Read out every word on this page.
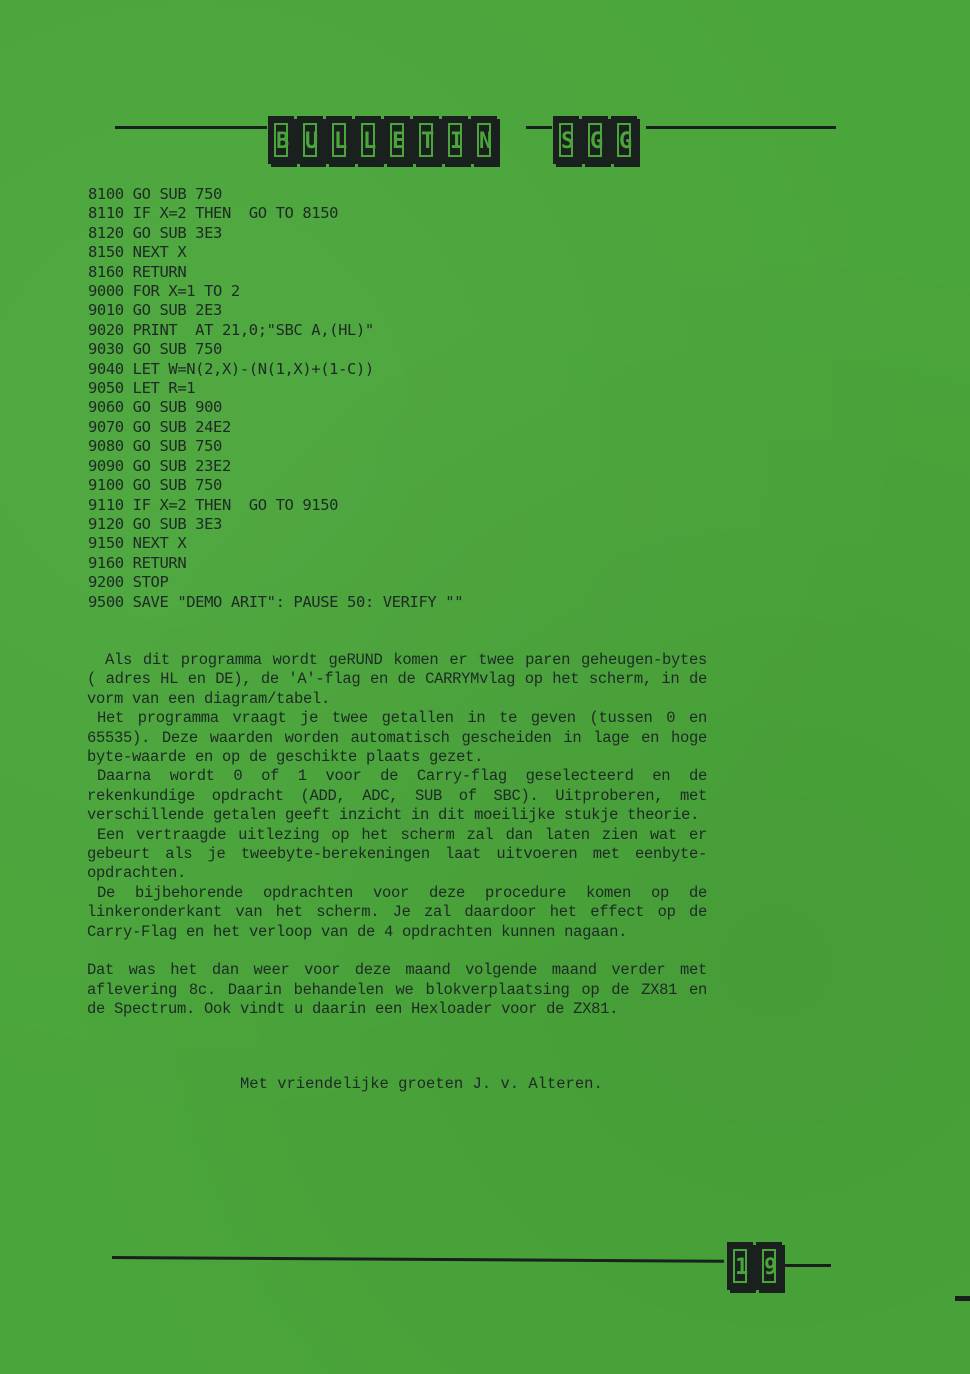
B U L L E T I N	S G G
8100 GO SUB 750
8110 IF X=2 THEN  GO TO 8150
8120 GO SUB 3E3
8150 NEXT X
8160 RETURN
9000 FOR X=1 TO 2
9010 GO SUB 2E3
9020 PRINT  AT 21,0;"SBC A,(HL)"
9030 GO SUB 750
9040 LET W=N(2,X)-(N(1,X)+(1-C))
9050 LET R=1
9060 GO SUB 900
9070 GO SUB 24E2
9080 GO SUB 750
9090 GO SUB 23E2
9100 GO SUB 750
9110 IF X=2 THEN  GO TO 9150
9120 GO SUB 3E3
9150 NEXT X
9160 RETURN
9200 STOP
9500 SAVE "DEMO ARIT": PAUSE 50: VERIFY ""

Als dit programma wordt geRUND komen er twee paren geheugen-bytes ( adres HL en DE), de 'A'-flag en de CARRYMvlag op het scherm, in de vorm van een diagram/tabel.

Het programma vraagt je twee getallen in te geven (tussen 0 en 65535). Deze waarden worden automatisch gescheiden in lage en hoge byte-waarde en op de geschikte plaats gezet.

Daarna wordt 0 of 1 voor de Carry-flag geselecteerd en de rekenkundige opdracht (ADD, ADC, SUB of SBC). Uitproberen, met verschillende getalen geeft inzicht in dit moeilijke stukje theorie.

Een vertraagde uitlezing op het scherm zal dan laten zien wat er gebeurt als je tweebyte-berekeningen laat uitvoeren met eenbyte-opdrachten.

De bijbehorende opdrachten voor deze procedure komen op de linkeronderkant van het scherm. Je zal daardoor het effect op de Carry-Flag en het verloop van de 4 opdrachten kunnen nagaan.

Dat was het dan weer voor deze maand volgende maand verder met aflevering 8c. Daarin behandelen we blokverplaatsing op de ZX81 en de Spectrum. Ook vindt u daarin een Hexloader voor de ZX81.

Met vriendelijke groeten J. v. Alteren.
1 9
